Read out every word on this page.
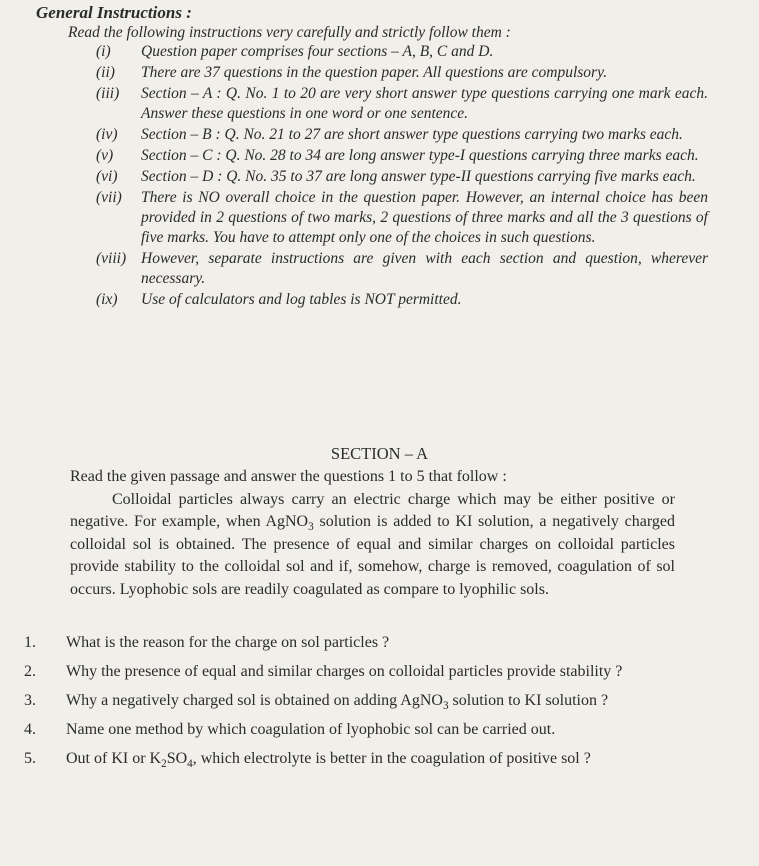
General Instructions :
Read the following instructions very carefully and strictly follow them :
(i)	Question paper comprises four sections – A, B, C and D.
(ii)	There are 37 questions in the question paper. All questions are compulsory.
(iii)	Section – A : Q. No. 1 to 20 are very short answer type questions carrying one mark each. Answer these questions in one word or one sentence.
(iv)	Section – B : Q. No. 21 to 27 are short answer type questions carrying two marks each.
(v)	Section – C : Q. No. 28 to 34 are long answer type-I questions carrying three marks each.
(vi)	Section – D : Q. No. 35 to 37 are long answer type-II questions carrying five marks each.
(vii)	There is NO overall choice in the question paper. However, an internal choice has been provided in 2 questions of two marks, 2 questions of three marks and all the 3 questions of five marks. You have to attempt only one of the choices in such questions.
(viii) However, separate instructions are given with each section and question, wherever necessary.
(ix)	Use of calculators and log tables is NOT permitted.
SECTION – A

Read the given passage and answer the questions 1 to 5 that follow :

Colloidal particles always carry an electric charge which may be either positive or negative. For example, when AgNO$_3$ solution is added to KI solution, a negatively charged colloidal sol is obtained. The presence of equal and similar charges on colloidal particles provide stability to the colloidal sol and if, somehow, charge is removed, coagulation of sol occurs. Lyophobic sols are readily coagulated as compare to lyophilic sols.

1.	What is the reason for the charge on sol particles ?
2.	Why the presence of equal and similar charges on colloidal particles provide stability ?
3.	Why a negatively charged sol is obtained on adding AgNO$_3$ solution to KI solution ?
4.	Name one method by which coagulation of lyophobic sol can be carried out.
5.	Out of KI or $K_2SO_4$, which electrolyte is better in the coagulation of positive sol ?
